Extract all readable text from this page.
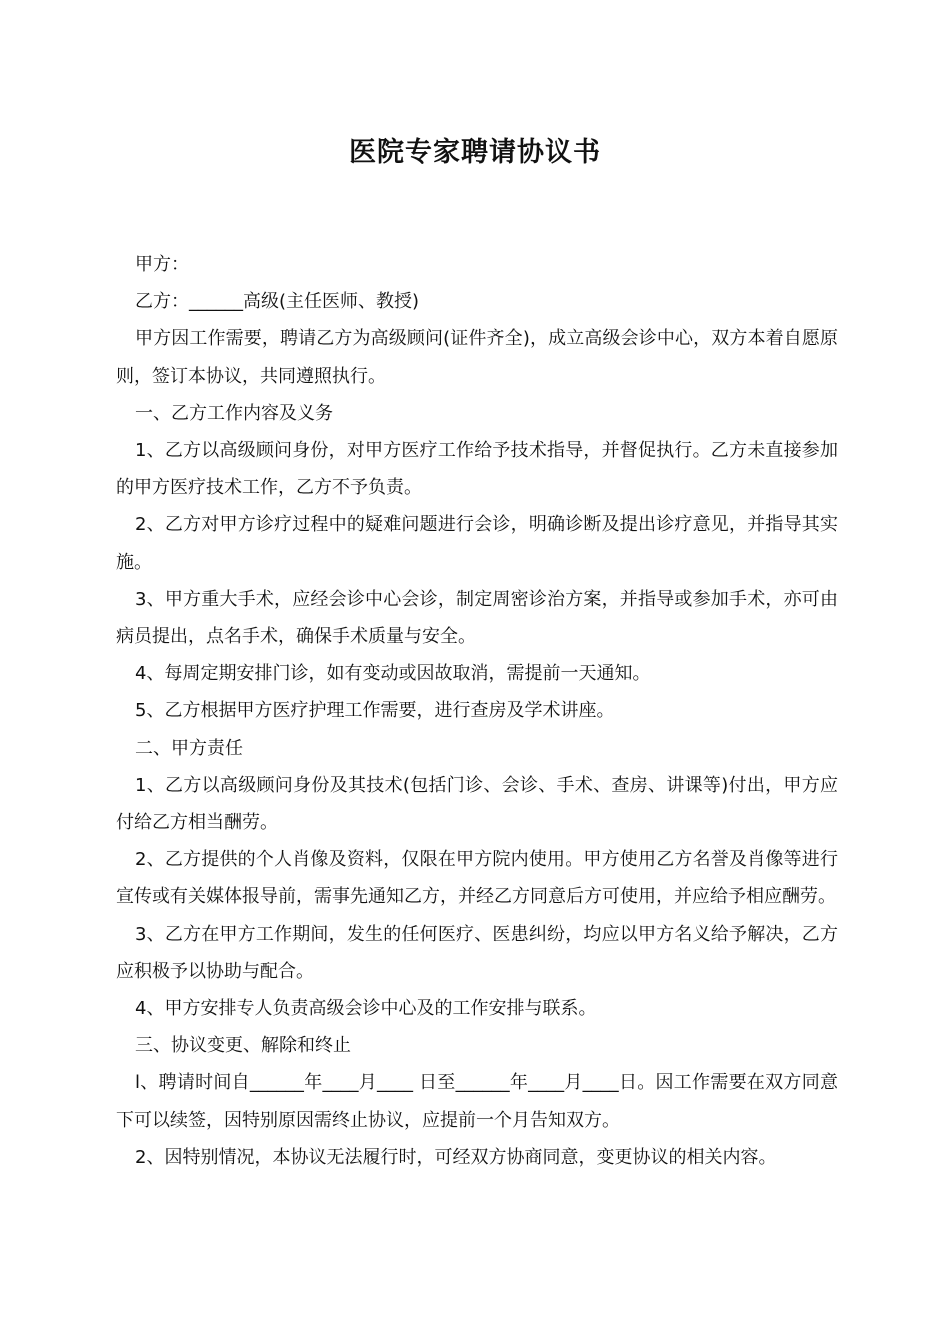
医院专家聘请协议书

甲方：

乙方：______高级(主任医师、教授)

甲方因工作需要，聘请乙方为高级顾问(证件齐全)，成立高级会诊中心，双方本着自愿原则，签订本协议，共同遵照执行。

一、乙方工作内容及义务

1、乙方以高级顾问身份，对甲方医疗工作给予技术指导，并督促执行。乙方未直接参加的甲方医疗技术工作，乙方不予负责。

2、乙方对甲方诊疗过程中的疑难问题进行会诊，明确诊断及提出诊疗意见，并指导其实施。

3、甲方重大手术，应经会诊中心会诊，制定周密诊治方案，并指导或参加手术，亦可由病员提出，点名手术，确保手术质量与安全。

4、每周定期安排门诊，如有变动或因故取消，需提前一天通知。

5、乙方根据甲方医疗护理工作需要，进行查房及学术讲座。

二、甲方责任

1、乙方以高级顾问身份及其技术(包括门诊、会诊、手术、查房、讲课等)付出，甲方应付给乙方相当酬劳。

2、乙方提供的个人肖像及资料，仅限在甲方院内使用。甲方使用乙方名誉及肖像等进行宣传或有关媒体报导前，需事先通知乙方，并经乙方同意后方可使用，并应给予相应酬劳。

3、乙方在甲方工作期间，发生的任何医疗、医患纠纷，均应以甲方名义给予解决，乙方应积极予以协助与配合。

4、甲方安排专人负责高级会诊中心及的工作安排与联系。

三、协议变更、解除和终止

l、聘请时间自______年____月____ 日至______年____月____日。因工作需要在双方同意下可以续签，因特别原因需终止协议，应提前一个月告知双方。

2、因特别情况，本协议无法履行时，可经双方协商同意，变更协议的相关内容。
